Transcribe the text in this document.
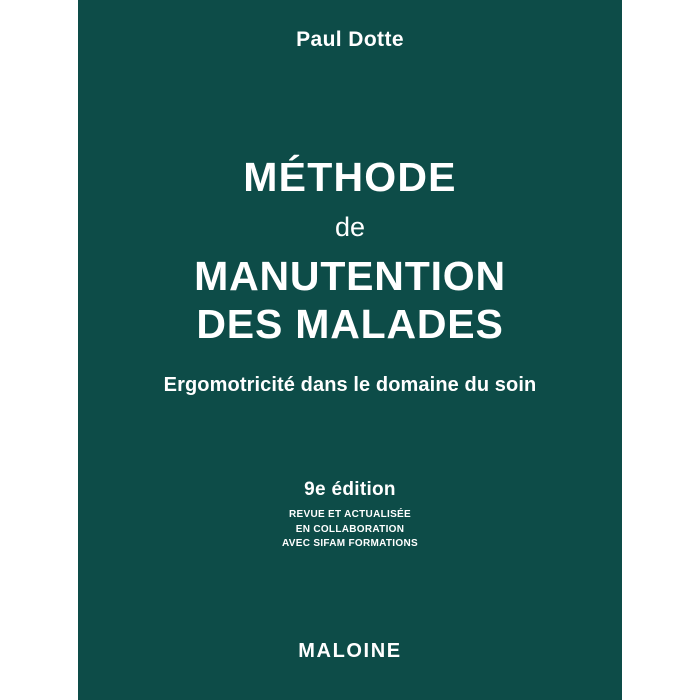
Paul Dotte
MÉTHODE
de
MANUTENTION
DES MALADES
Ergomotricité dans le domaine du soin
9e édition
REVUE ET ACTUALISÉE
EN COLLABORATION
AVEC SIFAM FORMATIONS
MALOINE
